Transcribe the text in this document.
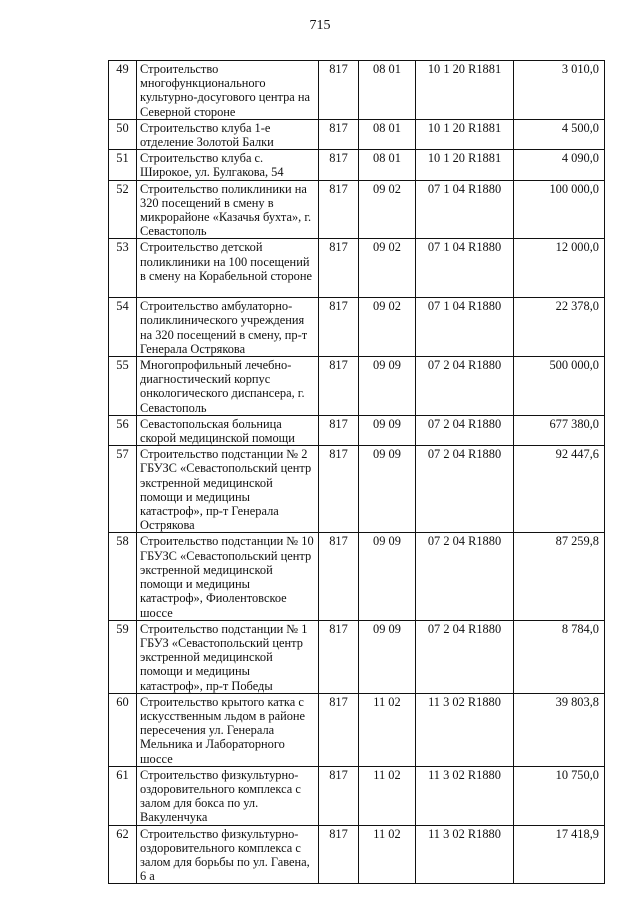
715
49	Строительство многофункционального культурно-досугового центра на Северной стороне	817	08 01	10 1 20 R1881	3 010,0
50	Строительство клуба 1-е отделение Золотой Балки	817	08 01	10 1 20 R1881	4 500,0
51	Строительство клуба с. Широкое, ул. Булгакова, 54	817	08 01	10 1 20 R1881	4 090,0
52	Строительство поликлиники на 320 посещений в смену в микрорайоне «Казачья бухта», г. Севастополь	817	09 02	07 1 04 R1880	100 000,0
53	Строительство детской поликлиники на 100 посещений в смену на Корабельной стороне	817	09 02	07 1 04 R1880	12 000,0
54	Строительство амбулаторно-поликлинического учреждения на 320 посещений в смену, пр-т Генерала Острякова	817	09 02	07 1 04 R1880	22 378,0
55	Многопрофильный лечебно-диагностический корпус онкологического диспансера, г. Севастополь	817	09 09	07 2 04 R1880	500 000,0
56	Севастопольская больница скорой медицинской помощи	817	09 09	07 2 04 R1880	677 380,0
57	Строительство подстанции № 2 ГБУЗС «Севастопольский центр экстренной медицинской помощи и медицины катастроф», пр-т Генерала Острякова	817	09 09	07 2 04 R1880	92 447,6
58	Строительство подстанции № 10 ГБУЗС «Севастопольский центр экстренной медицинской помощи и медицины катастроф», Фиолентовское шоссе	817	09 09	07 2 04 R1880	87 259,8
59	Строительство подстанции № 1 ГБУЗ «Севастопольский центр экстренной медицинской помощи и медицины катастроф», пр-т Победы	817	09 09	07 2 04 R1880	8 784,0
60	Строительство крытого катка с искусственным льдом в районе пересечения ул. Генерала Мельника и Лабораторного шоссе	817	11 02	11 3 02 R1880	39 803,8
61	Строительство физкультурно-оздоровительного комплекса с залом для бокса по ул. Вакуленчука	817	11 02	11 3 02 R1880	10 750,0
62	Строительство физкультурно-оздоровительного комплекса с залом для борьбы по ул. Гавена, 6 а	817	11 02	11 3 02 R1880	17 418,9
